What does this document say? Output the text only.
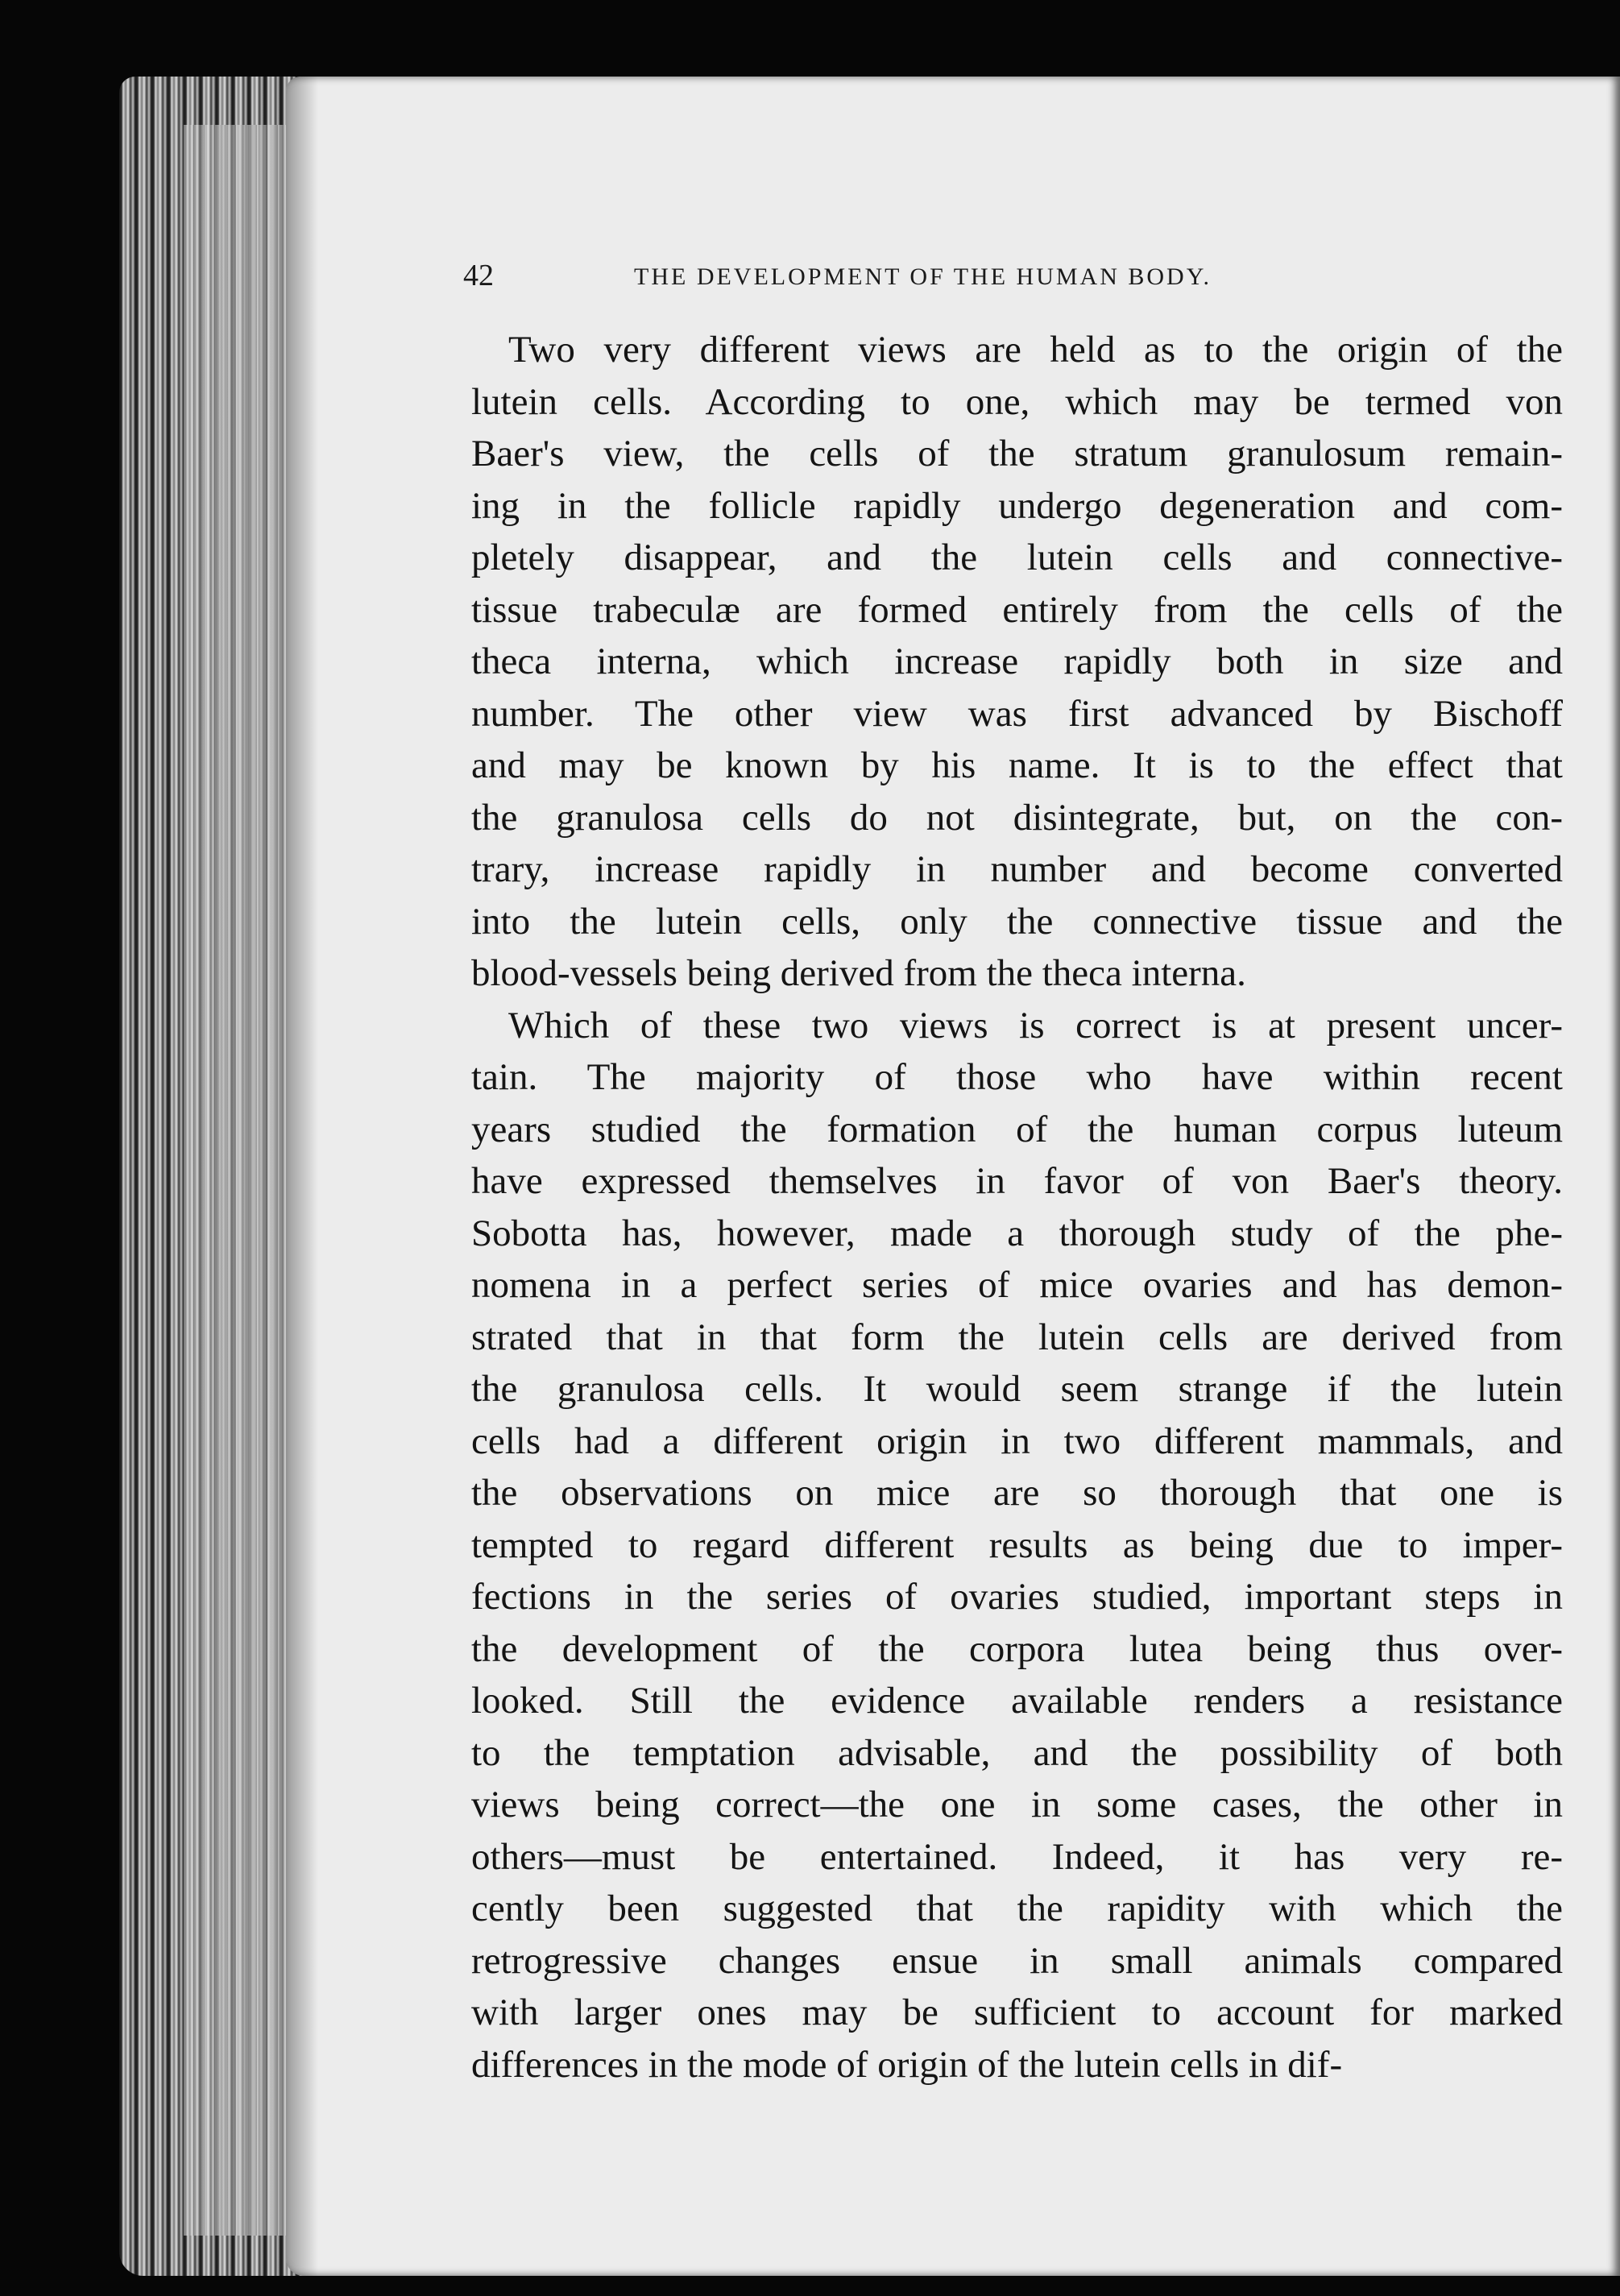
42	THE DEVELOPMENT OF THE HUMAN BODY.
Two very different views are held as to the origin of the
lutein cells. According to one, which may be termed von
Baer's view, the cells of the stratum granulosum remain-
ing in the follicle rapidly undergo degeneration and com-
pletely disappear, and the lutein cells and connective-
tissue trabeculæ are formed entirely from the cells of the
theca interna, which increase rapidly both in size and
number. The other view was first advanced by Bischoff
and may be known by his name. It is to the effect that
the granulosa cells do not disintegrate, but, on the con-
trary, increase rapidly in number and become converted
into the lutein cells, only the connective tissue and the
blood-vessels being derived from the theca interna.
Which of these two views is correct is at present uncer-
tain. The majority of those who have within recent
years studied the formation of the human corpus luteum
have expressed themselves in favor of von Baer's theory.
Sobotta has, however, made a thorough study of the phe-
nomena in a perfect series of mice ovaries and has demon-
strated that in that form the lutein cells are derived from
the granulosa cells. It would seem strange if the lutein
cells had a different origin in two different mammals, and
the observations on mice are so thorough that one is
tempted to regard different results as being due to imper-
fections in the series of ovaries studied, important steps in
the development of the corpora lutea being thus over-
looked. Still the evidence available renders a resistance
to the temptation advisable, and the possibility of both
views being correct—the one in some cases, the other in
others—must be entertained. Indeed, it has very re-
cently been suggested that the rapidity with which the
retrogressive changes ensue in small animals compared
with larger ones may be sufficient to account for marked
differences in the mode of origin of the lutein cells in dif-
